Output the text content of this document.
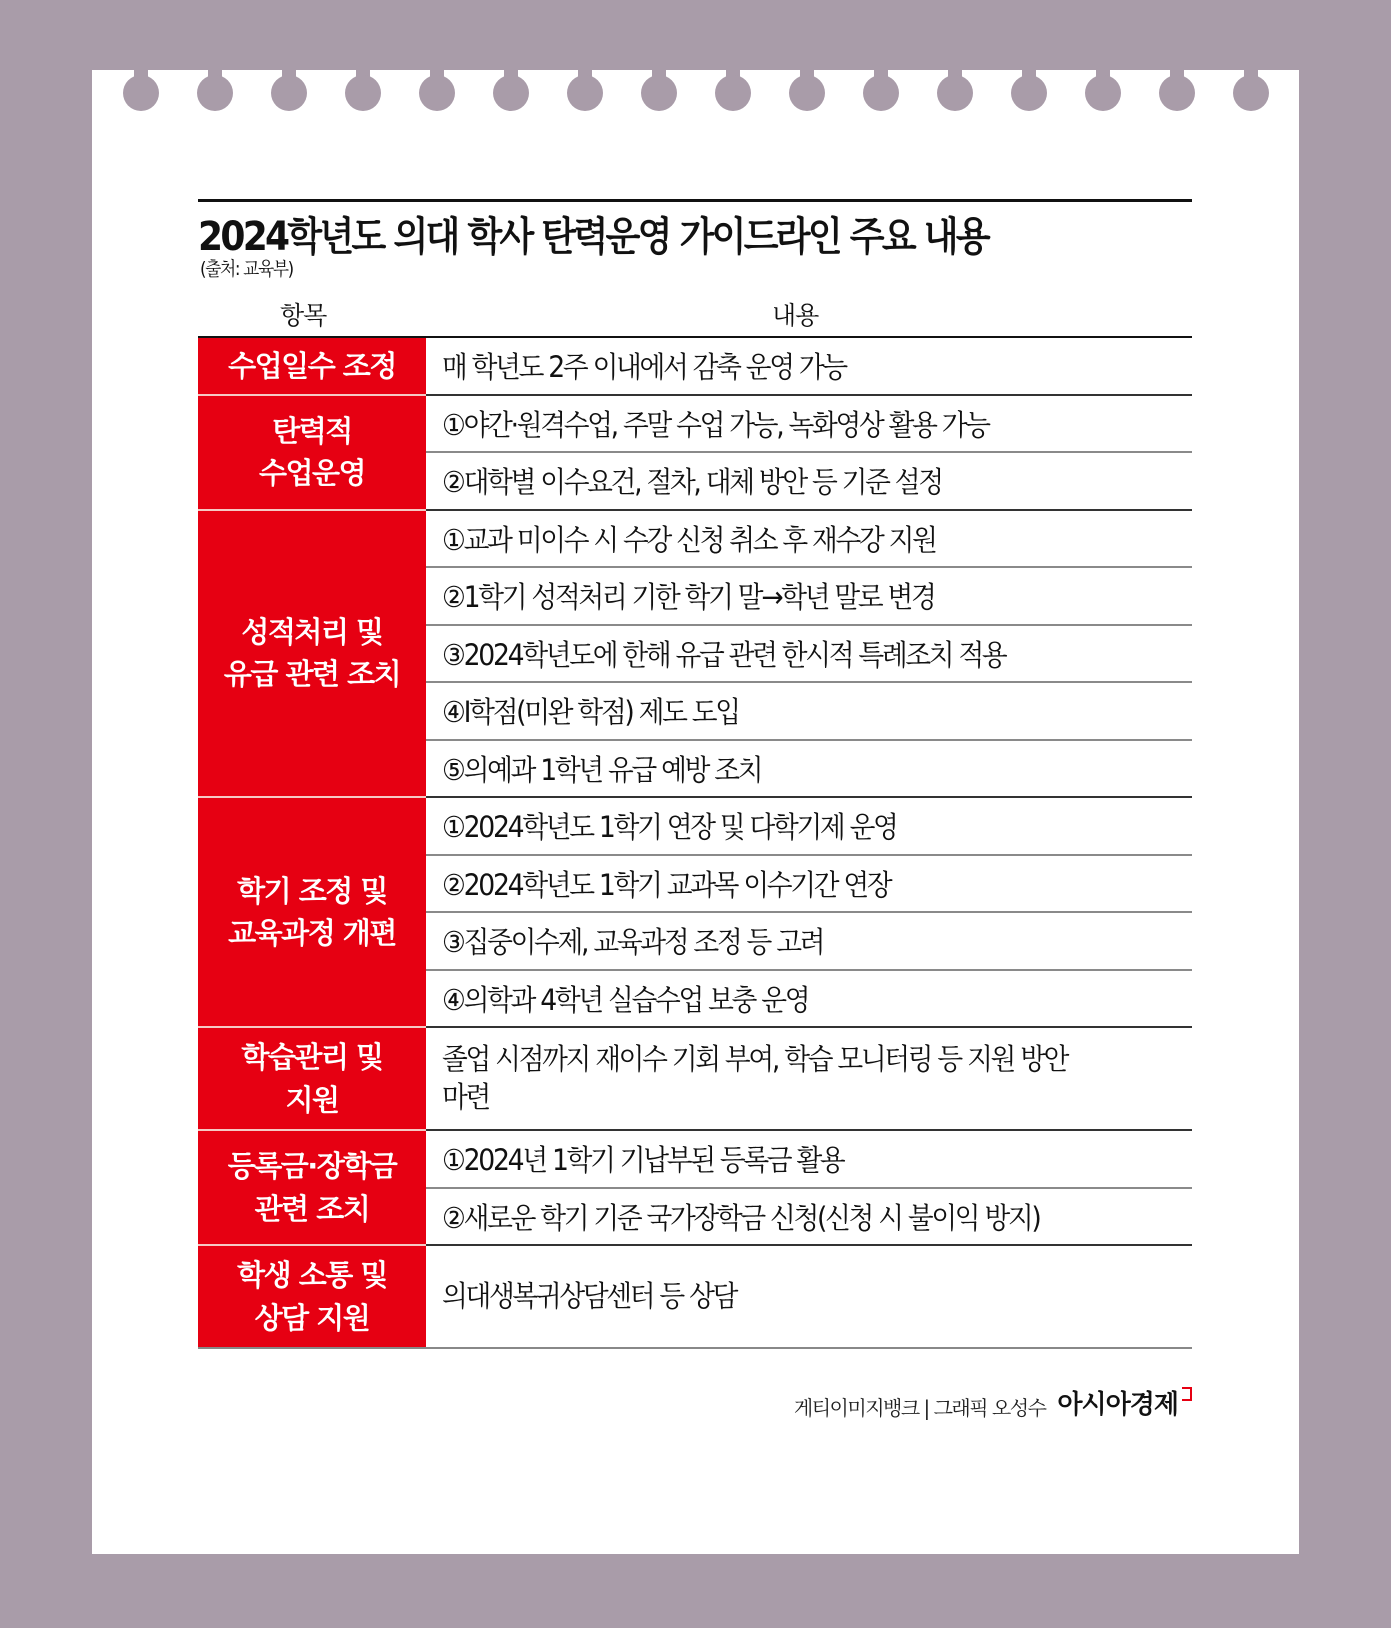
2024학년도 의대 학사 탄력운영 가이드라인 주요 내용
(출처: 교육부)
항목	내용
수업일수 조정 매 학년도 2주 이내에서 감축 운영 가능
탄력적
수업운영
①야간·원격수업, 주말 수업 가능, 녹화영상 활용 가능
②대학별 이수요건, 절차, 대체 방안 등 기준 설정
성적처리 및
유급 관련 조치
①교과 미이수 시 수강 신청 취소 후 재수강 지원
②1학기 성적처리 기한 학기 말→학년 말로 변경
③2024학년도에 한해 유급 관련 한시적 특례조치 적용
④I학점(미완 학점) 제도 도입
⑤의예과 1학년 유급 예방 조치
학기 조정 및
교육과정 개편
①2024학년도 1학기 연장 및 다학기제 운영
②2024학년도 1학기 교과목 이수기간 연장
③집중이수제, 교육과정 조정 등 고려
④의학과 4학년 실습수업 보충 운영
학습관리 및
지원
졸업 시점까지 재이수 기회 부여, 학습 모니터링 등 지원 방안 마련
등록금·장학금
관련 조치
①2024년 1학기 기납부된 등록금 활용
②새로운 학기 기준 국가장학금 신청(신청 시 불이익 방지)
학생 소통 및
상담 지원
의대생복귀상담센터 등 상담
게티이미지뱅크 | 그래픽 오성수 아시아경제
